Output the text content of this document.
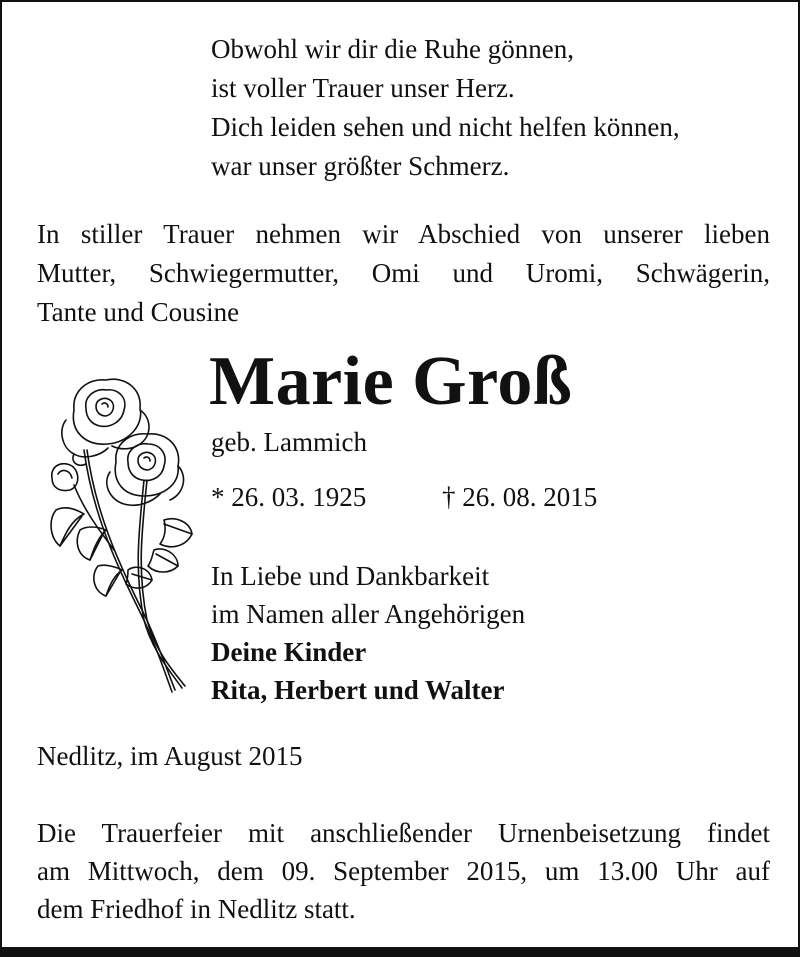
Obwohl wir dir die Ruhe gönnen,
ist voller Trauer unser Herz.
Dich leiden sehen und nicht helfen können,
war unser größter Schmerz.
In stiller Trauer nehmen wir Abschied von unserer lieben
Mutter, Schwiegermutter, Omi und Uromi, Schwägerin,
Tante und Cousine
Marie Groß
geb. Lammich
* 26. 03. 1925	† 26. 08. 2015
In Liebe und Dankbarkeit
im Namen aller Angehörigen
Deine Kinder
Rita, Herbert und Walter
Nedlitz, im August 2015
Die Trauerfeier mit anschließender Urnenbeisetzung findet
am Mittwoch, dem 09. September 2015, um 13.00 Uhr auf
dem Friedhof in Nedlitz statt.
